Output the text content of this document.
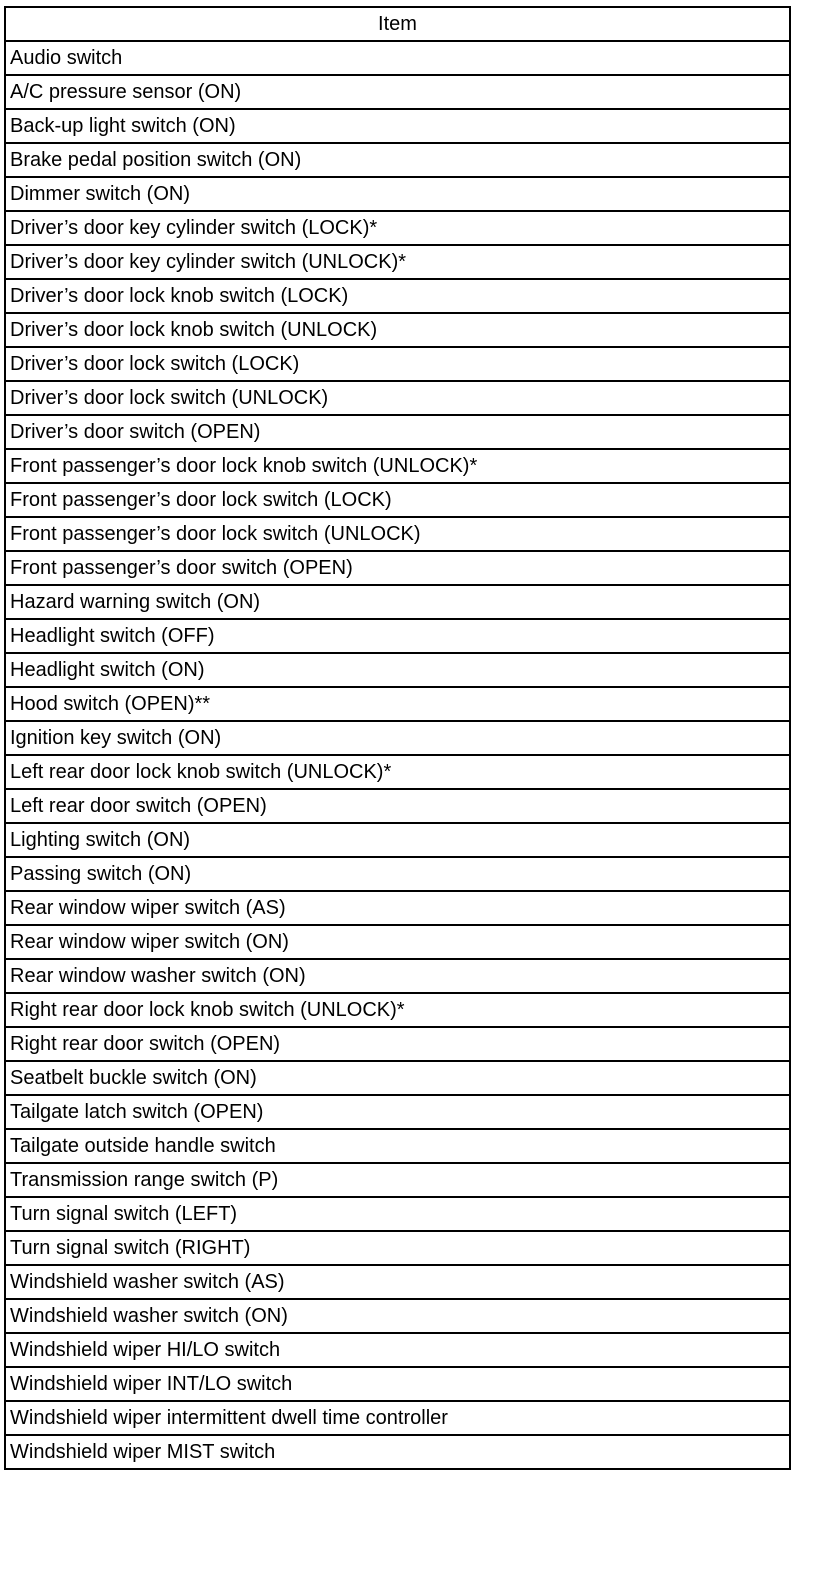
Item
Audio switch
A/C pressure sensor (ON)
Back-up light switch (ON)
Brake pedal position switch (ON)
Dimmer switch (ON)
Driver’s door key cylinder switch (LOCK)*
Driver’s door key cylinder switch (UNLOCK)*
Driver’s door lock knob switch (LOCK)
Driver’s door lock knob switch (UNLOCK)
Driver’s door lock switch (LOCK)
Driver’s door lock switch (UNLOCK)
Driver’s door switch (OPEN)
Front passenger’s door lock knob switch (UNLOCK)*
Front passenger’s door lock switch (LOCK)
Front passenger’s door lock switch (UNLOCK)
Front passenger’s door switch (OPEN)
Hazard warning switch (ON)
Headlight switch (OFF)
Headlight switch (ON)
Hood switch (OPEN)**
Ignition key switch (ON)
Left rear door lock knob switch (UNLOCK)*
Left rear door switch (OPEN)
Lighting switch (ON)
Passing switch (ON)
Rear window wiper switch (AS)
Rear window wiper switch (ON)
Rear window washer switch (ON)
Right rear door lock knob switch (UNLOCK)*
Right rear door switch (OPEN)
Seatbelt buckle switch (ON)
Tailgate latch switch (OPEN)
Tailgate outside handle switch
Transmission range switch (P)
Turn signal switch (LEFT)
Turn signal switch (RIGHT)
Windshield washer switch (AS)
Windshield washer switch (ON)
Windshield wiper HI/LO switch
Windshield wiper INT/LO switch
Windshield wiper intermittent dwell time controller
Windshield wiper MIST switch
